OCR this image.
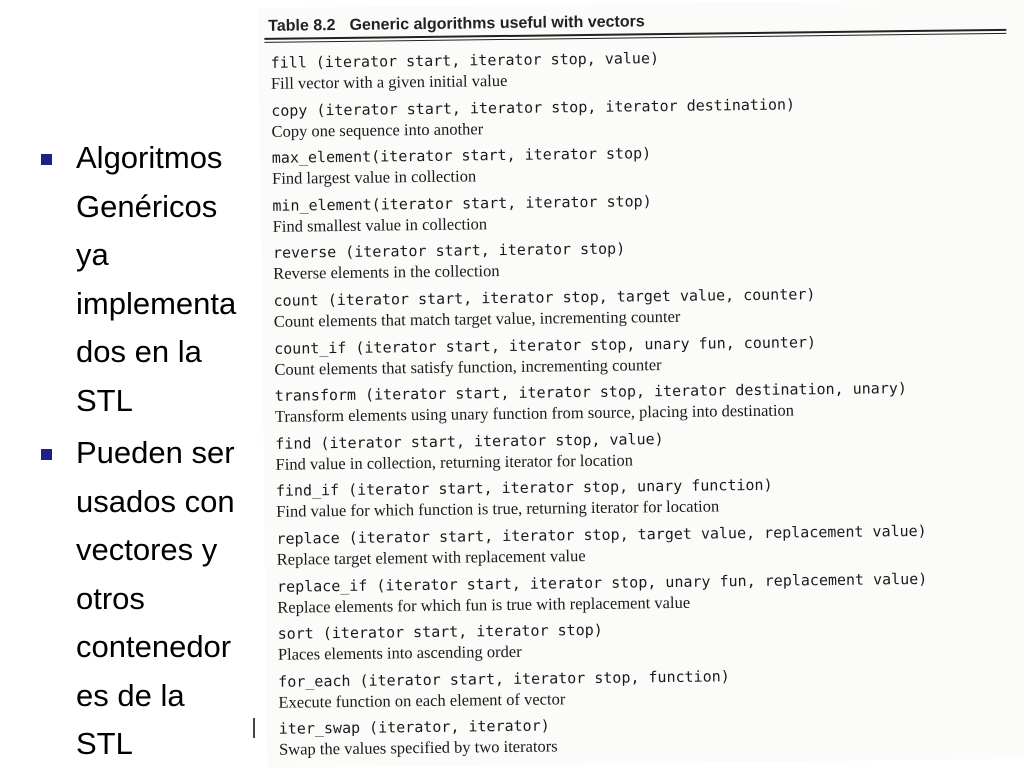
Algoritmos
Genéricos
ya
implementa
dos en la
STL
Pueden ser
usados con
vectores y
otros
contenedor
es de la
STL
Table 8.2 Generic algorithms useful with vectors
fill (iterator start, iterator stop, value)
Fill vector with a given initial value
copy (iterator start, iterator stop, iterator destination)
Copy one sequence into another
max_element(iterator start, iterator stop)
Find largest value in collection
min_element(iterator start, iterator stop)
Find smallest value in collection
reverse (iterator start, iterator stop)
Reverse elements in the collection
count (iterator start, iterator stop, target value, counter)
Count elements that match target value, incrementing counter
count_if (iterator start, iterator stop, unary fun, counter)
Count elements that satisfy function, incrementing counter
transform (iterator start, iterator stop, iterator destination, unary)
Transform elements using unary function from source, placing into destination
find (iterator start, iterator stop, value)
Find value in collection, returning iterator for location
find_if (iterator start, iterator stop, unary function)
Find value for which function is true, returning iterator for location
replace (iterator start, iterator stop, target value, replacement value)
Replace target element with replacement value
replace_if (iterator start, iterator stop, unary fun, replacement value)
Replace elements for which fun is true with replacement value
sort (iterator start, iterator stop)
Places elements into ascending order
for_each (iterator start, iterator stop, function)
Execute function on each element of vector
iter_swap (iterator, iterator)
Swap the values specified by two iterators
